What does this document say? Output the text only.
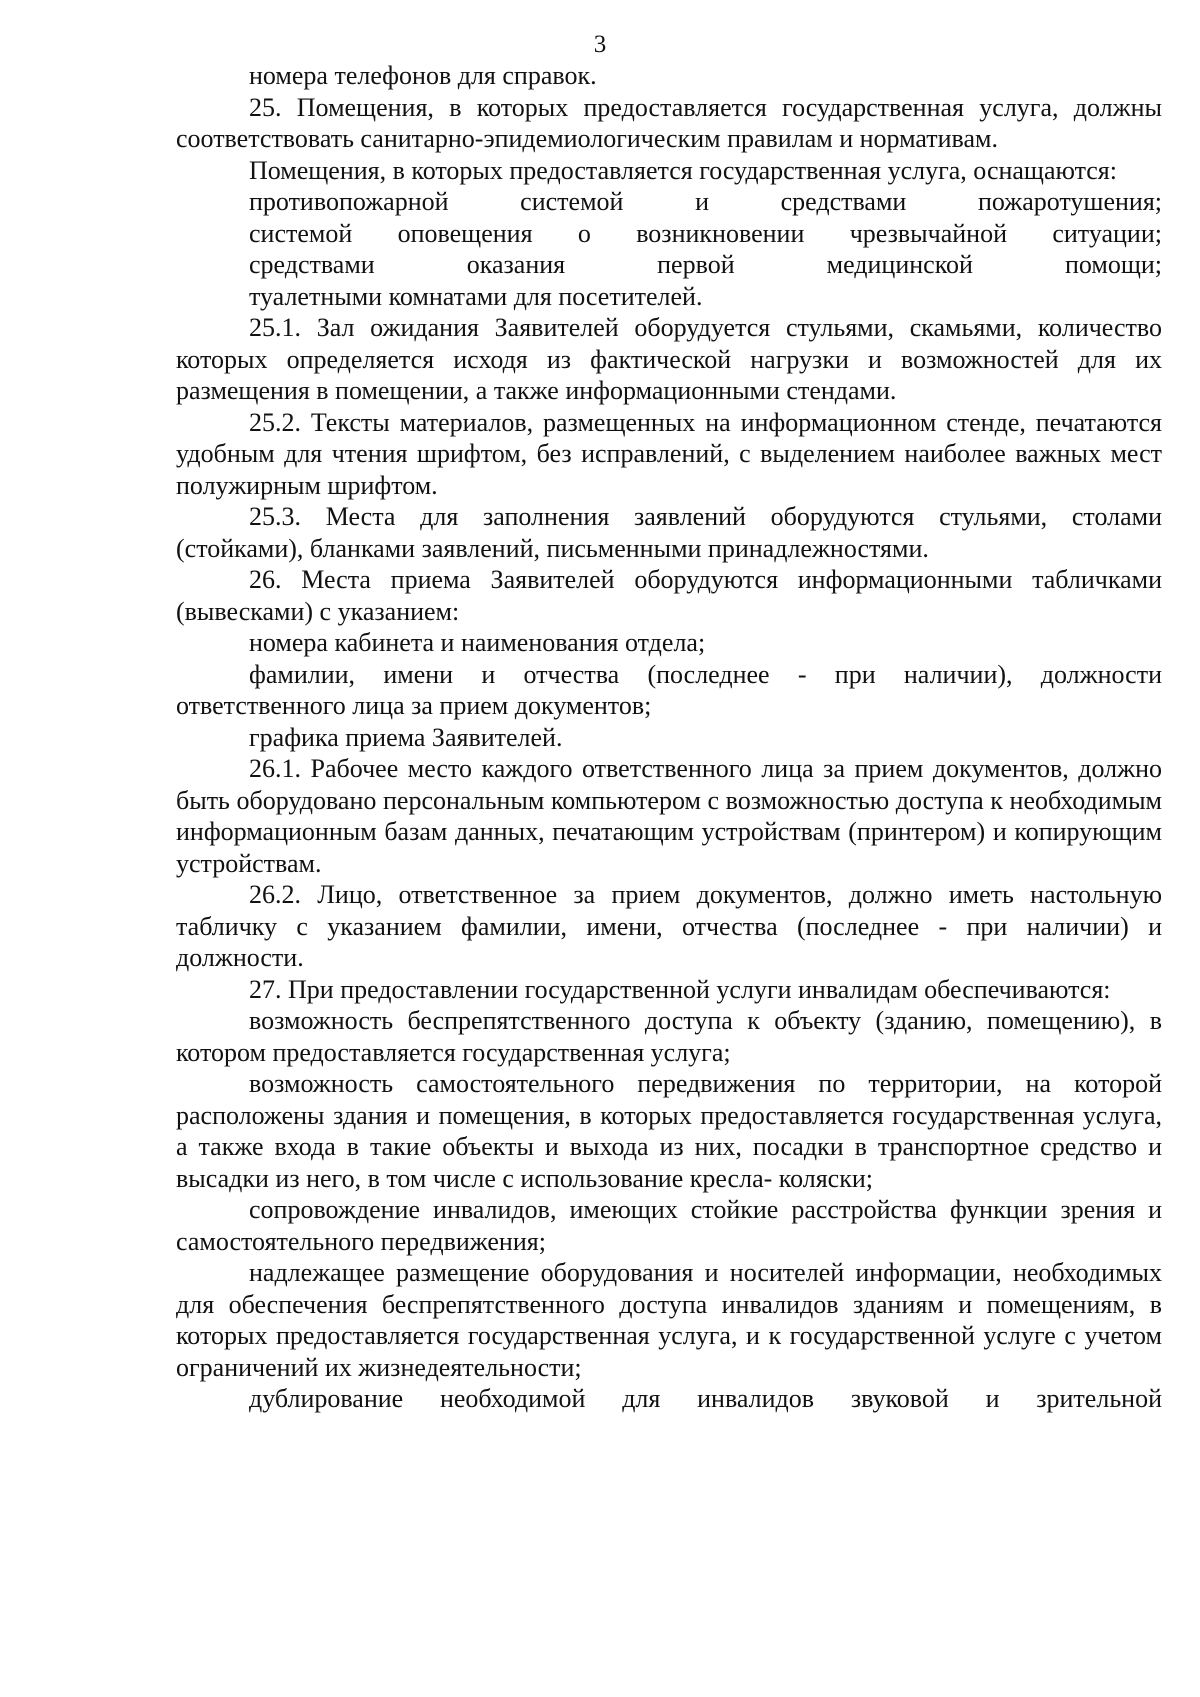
3

номера телефонов для справок.

25. Помещения, в которых предоставляется государственная услуга, должны соответствовать санитарно-эпидемиологическим правилам и нормативам.

Помещения, в которых предоставляется государственная услуга, оснащаются:

противопожарной системой и средствами пожаротушения;

системой оповещения о возникновении чрезвычайной ситуации;

средствами оказания первой медицинской помощи;

туалетными комнатами для посетителей.

25.1. Зал ожидания Заявителей оборудуется стульями, скамьями, количество которых определяется исходя из фактической нагрузки и возможностей для их размещения в помещении, а также информационными стендами.

25.2. Тексты материалов, размещенных на информационном стенде, печатаются удобным для чтения шрифтом, без исправлений, с выделением наиболее важных мест полужирным шрифтом.

25.3. Места для заполнения заявлений оборудуются стульями, столами (стойками), бланками заявлений, письменными принадлежностями.

26. Места приема Заявителей оборудуются информационными табличками (вывесками) с указанием:

номера кабинета и наименования отдела;

фамилии, имени и отчества (последнее - при наличии), должности ответственного лица за прием документов;

графика приема Заявителей.

26.1. Рабочее место каждого ответственного лица за прием документов, должно быть оборудовано персональным компьютером с возможностью доступа к необходимым информационным базам данных, печатающим устройствам (принтером) и копирующим устройствам.

26.2. Лицо, ответственное за прием документов, должно иметь настольную табличку с указанием фамилии, имени, отчества (последнее - при наличии) и должности.

27. При предоставлении государственной услуги инвалидам обеспечиваются:

возможность беспрепятственного доступа к объекту (зданию, помещению), в котором предоставляется государственная услуга;

возможность самостоятельного передвижения по территории, на которой расположены здания и помещения, в которых предоставляется государственная услуга, а также входа в такие объекты и выхода из них, посадки в транспортное средство и высадки из него, в том числе с использование кресла- коляски;

сопровождение инвалидов, имеющих стойкие расстройства функции зрения и самостоятельного передвижения;

надлежащее размещение оборудования и носителей информации, необходимых для обеспечения беспрепятственного доступа инвалидов зданиям и помещениям, в которых предоставляется государственная услуга, и к государственной услуге с учетом ограничений их жизнедеятельности;

дублирование необходимой для инвалидов звуковой и зрительной
